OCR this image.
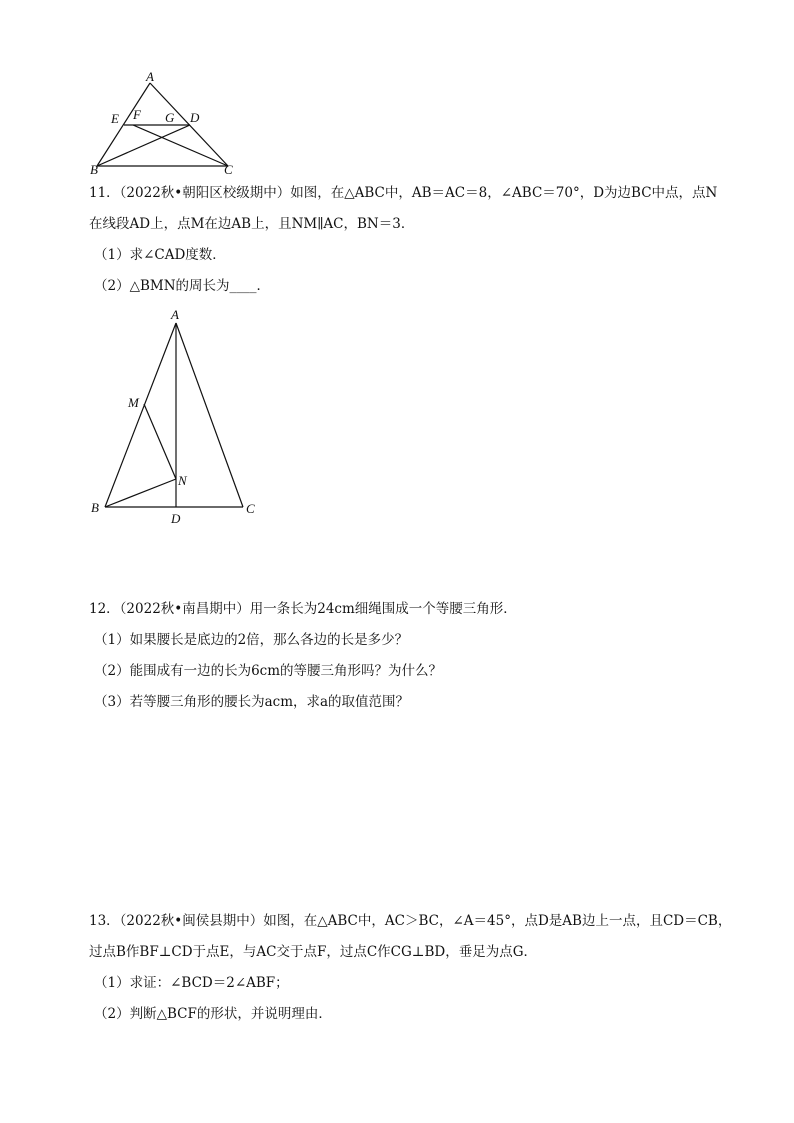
A
E F G D
B	C
A
M
N
B
D
C
11．（2022秋•朝阳区校级期中）如图，在△ABC中，AB＝AC＝8，∠ABC＝70°，D为边BC中点，点N
在线段AD上，点M在边AB上，且NM∥AC，BN＝3．
（1）求∠CAD度数．
（2）△BMN的周长为____．
12．（2022秋•南昌期中）用一条长为24cm细绳围成一个等腰三角形．
（1）如果腰长是底边的2倍，那么各边的长是多少？
（2）能围成有一边的长为6cm的等腰三角形吗？为什么？
（3）若等腰三角形的腰长为acm，求a的取值范围？
13．（2022秋•闽侯县期中）如图，在△ABC中，AC＞BC，∠A＝45°，点D是AB边上一点，且CD＝CB，
过点B作BF⊥CD于点E，与AC交于点F，过点C作CG⊥BD，垂足为点G．
（1）求证：∠BCD＝2∠ABF；
（2）判断△BCF的形状，并说明理由．
